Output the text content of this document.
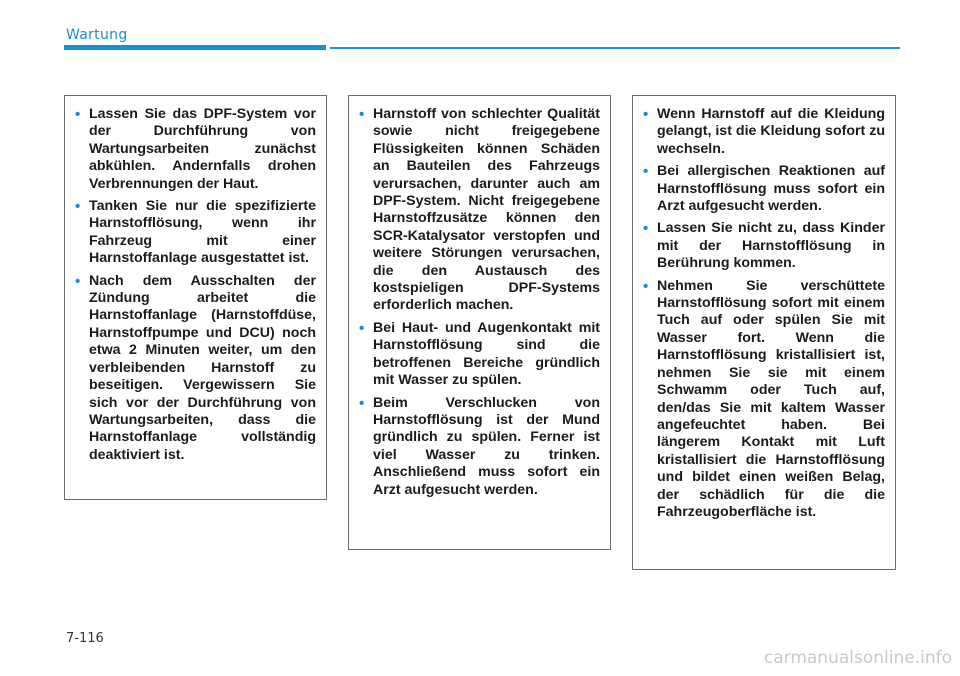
Wartung
• Lassen Sie das DPF-System vor der Durchführung von Wartungsarbeiten zunächst abkühlen. Andernfalls drohen Verbrennungen der Haut.
• Tanken Sie nur die spezifizierte Harnstofflösung, wenn ihr Fahrzeug mit einer Harnstoffanlage ausgestattet ist.
• Nach dem Ausschalten der Zündung arbeitet die Harnstoffanlage (Harnstoffdüse, Harnstoffpumpe und DCU) noch etwa 2 Minuten weiter, um den verbleibenden Harnstoff zu beseitigen. Vergewissern Sie sich vor der Durchführung von Wartungsarbeiten, dass die Harnstoffanlage vollständig deaktiviert ist.
• Harnstoff von schlechter Qualität sowie nicht freigegebene Flüssigkeiten können Schäden an Bauteilen des Fahrzeugs verursachen, darunter auch am DPF-System. Nicht freigegebene Harnstoffzusätze können den SCR-Katalysator verstopfen und weitere Störungen verursachen, die den Austausch des kostspieligen DPF-Systems erforderlich machen.
• Bei Haut- und Augenkontakt mit Harnstofflösung sind die betroffenen Bereiche gründlich mit Wasser zu spülen.
• Beim Verschlucken von Harnstofflösung ist der Mund gründlich zu spülen. Ferner ist viel Wasser zu trinken. Anschließend muss sofort ein Arzt aufgesucht werden.
• Wenn Harnstoff auf die Kleidung gelangt, ist die Kleidung sofort zu wechseln.
• Bei allergischen Reaktionen auf Harnstofflösung muss sofort ein Arzt aufgesucht werden.
• Lassen Sie nicht zu, dass Kinder mit der Harnstofflösung in Berührung kommen.
• Nehmen Sie verschüttete Harnstofflösung sofort mit einem Tuch auf oder spülen Sie mit Wasser fort. Wenn die Harnstofflösung kristallisiert ist, nehmen Sie sie mit einem Schwamm oder Tuch auf, den/das Sie mit kaltem Wasser angefeuchtet haben. Bei längerem Kontakt mit Luft kristallisiert die Harnstofflösung und bildet einen weißen Belag, der schädlich für die die Fahrzeugoberfläche ist.
7-116
carmanualsonline.info
